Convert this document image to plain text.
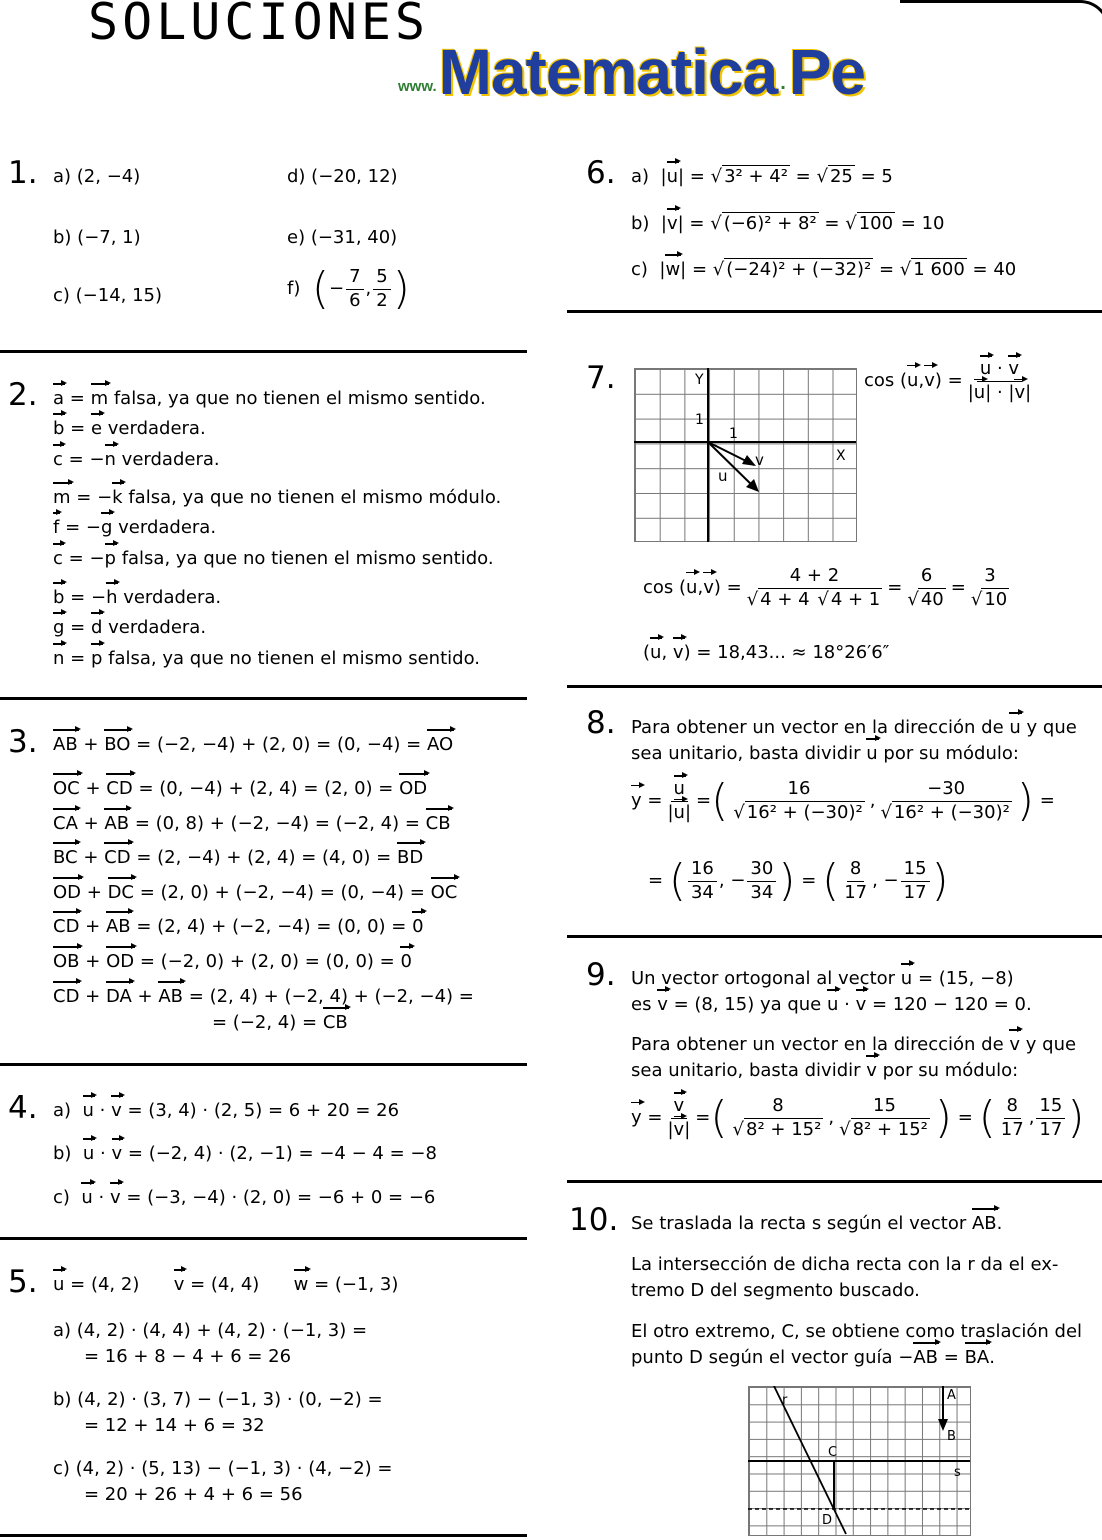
SOLUCIONES
www. Matematica . Pe
1. a) (2, −4)	d) (−20, 12)
b) (−7, 1)	e) (−31, 40)
c) (−14, 15)	f)
( − $\frac{7}{6}$ , $\frac{5}{2}$ )
2. a = m falsa, ya que no tienen el mismo sentido.
b = e verdadera.
c = −n verdadera.
m = −k falsa, ya que no tienen el mismo módulo.
f = −g verdadera.
c = −p falsa, ya que no tienen el mismo sentido.
b = −h verdadera.
g = d verdadera.
n = p falsa, ya que no tienen el mismo sentido.
3. AB + BO = (−2, −4) + (2, 0) = (0, −4) = AO
OC + CD = (0, −4) + (2, 4) = (2, 0) = OD
CA + AB = (0, 8) + (−2, −4) = (−2, 4) = CB
BC + CD = (2, −4) + (2, 4) = (4, 0) = BD
OD + DC = (2, 0) + (−2, −4) = (0, −4) = OC
CD + AB = (2, 4) + (−2, −4) = (0, 0) = 0
OB + OD = (−2, 0) + (2, 0) = (0, 0) = 0
CD + DA + AB = (2, 4) + (−2, 4) + (−2, −4) =
= (−2, 4) = CB
4. a) u · v = (3, 4) · (2, 5) = 6 + 20 = 26
b) u · v = (−2, 4) · (2, −1) = −4 − 4 = −8
c) u · v = (−3, −4) · (2, 0) = −6 + 0 = −6
5. u = (4, 2) v = (4, 4) w = (−1, 3)
a) (4, 2) · (4, 4) + (4, 2) · (−1, 3) =
= 16 + 8 − 4 + 6 = 26
b) (4, 2) · (3, 7) − (−1, 3) · (0, −2) =
= 12 + 14 + 6 = 32
c) (4, 2) · (5, 13) − (−1, 3) · (4, −2) =
= 20 + 26 + 4 + 6 = 56
6. a)  |u| = √ 3² + 4² = √ 25 = 5
b)  |v| = √ (−6)² + 8² = √ 100 = 10
c)  |w| = √ (−24)² + (−32)² = √ 1 600 = 40
7.	Y
X
1
1
v
u
cos ( u , v ) = $\frac{u \cdot v}{|u| \cdot |v|}$
cos ( u , v ) = $\frac{4 + 2}{√ 4 + 4 √ 4 + 1} = \frac{6}{√ 40} = \frac{3}{√ 10}$
(u, v) = 18,43... ≈ 18°26′6″
8. Para obtener un vector en la dirección de u y que
sea unitario, basta dividir u por su módulo:
$y = \frac{u}{|u|}$ = ( $\frac{16}{\text{√ 16² + (−30)²}}$ , $\frac{-30}{\text{√ 16² + (−30)²}}$ ) =
= ( $\frac{16}{34}$ , − $\frac{30}{34}$ ) = ( $\frac{8}{17}$ , − $\frac{15}{17}$ )
9. Un vector ortogonal al vector u = (15, −8)
es v = (8, 15) ya que u · v = 120 − 120 = 0.
Para obtener un vector en la dirección de v y que
sea unitario, basta dividir v por su módulo:
$y = \frac{v}{|v|}$ = ( $\frac{8}{\text{√ 8² + 15²}}$ , $\frac{15}{\text{√ 8² + 15²}}$ ) = ( $\frac{8}{17}$ , $\frac{15}{17}$ )
10. Se traslada la recta s según el vector AB.
La intersección de dicha recta con la r da el ex-
tremo D del segmento buscado.
El otro extremo, C, se obtiene como traslación del
punto D según el vector guía −AB = BA.
r	A
B
C
s
D
